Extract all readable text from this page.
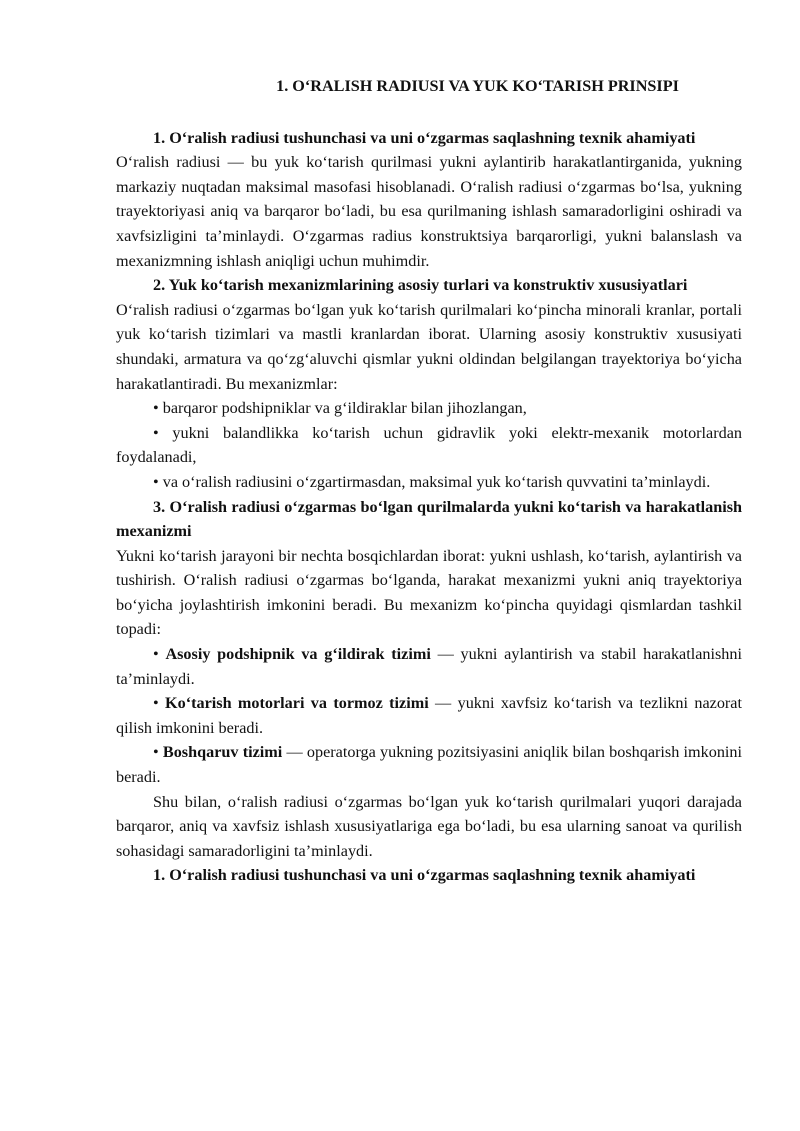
1. O‘RALISH RADIUSI VA YUK KO‘TARISH PRINSIPI
1. O‘ralish radiusi tushunchasi va uni o‘zgarmas saqlashning texnik ahamiyati

O‘ralish radiusi — bu yuk ko‘tarish qurilmasi yukni aylantirib harakatlantirganida, yukning markaziy nuqtadan maksimal masofasi hisoblanadi. O‘ralish radiusi o‘zgarmas bo‘lsa, yukning trayektoriyasi aniq va barqaror bo‘ladi, bu esa qurilmaning ishlash samaradorligini oshiradi va xavfsizligini ta’minlaydi. O‘zgarmas radius konstruktsiya barqarorligi, yukni balanslash va mexanizmning ishlash aniqligi uchun muhimdir.

2. Yuk ko‘tarish mexanizmlarining asosiy turlari va konstruktiv xususiyatlari

O‘ralish radiusi o‘zgarmas bo‘lgan yuk ko‘tarish qurilmalari ko‘pincha minorali kranlar, portali yuk ko‘tarish tizimlari va mastli kranlardan iborat. Ularning asosiy konstruktiv xususiyati shundaki, armatura va qo‘zg‘aluvchi qismlar yukni oldindan belgilangan trayektoriya bo‘yicha harakatlantiradi. Bu mexanizmlar:

• barqaror podshipniklar va g‘ildiraklar bilan jihozlangan,

• yukni balandlikka ko‘tarish uchun gidravlik yoki elektr-mexanik motorlardan foydalanadi,

• va o‘ralish radiusini o‘zgartirmasdan, maksimal yuk ko‘tarish quvvatini ta’minlaydi.

3. O‘ralish radiusi o‘zgarmas bo‘lgan qurilmalarda yukni ko‘tarish va harakatlanish mexanizmi

Yukni ko‘tarish jarayoni bir nechta bosqichlardan iborat: yukni ushlash, ko‘tarish, aylantirish va tushirish. O‘ralish radiusi o‘zgarmas bo‘lganda, harakat mexanizmi yukni aniq trayektoriya bo‘yicha joylashtirish imkonini beradi. Bu mexanizm ko‘pincha quyidagi qismlardan tashkil topadi:

• Asosiy podshipnik va g‘ildirak tizimi — yukni aylantirish va stabil harakatlanishni ta’minlaydi.

• Ko‘tarish motorlari va tormoz tizimi — yukni xavfsiz ko‘tarish va tezlikni nazorat qilish imkonini beradi.

• Boshqaruv tizimi — operatorga yukning pozitsiyasini aniqlik bilan boshqarish imkonini beradi.

Shu bilan, o‘ralish radiusi o‘zgarmas bo‘lgan yuk ko‘tarish qurilmalari yuqori darajada barqaror, aniq va xavfsiz ishlash xususiyatlariga ega bo‘ladi, bu esa ularning sanoat va qurilish sohasidagi samaradorligini ta’minlaydi.

1. O‘ralish radiusi tushunchasi va uni o‘zgarmas saqlashning texnik ahamiyati
